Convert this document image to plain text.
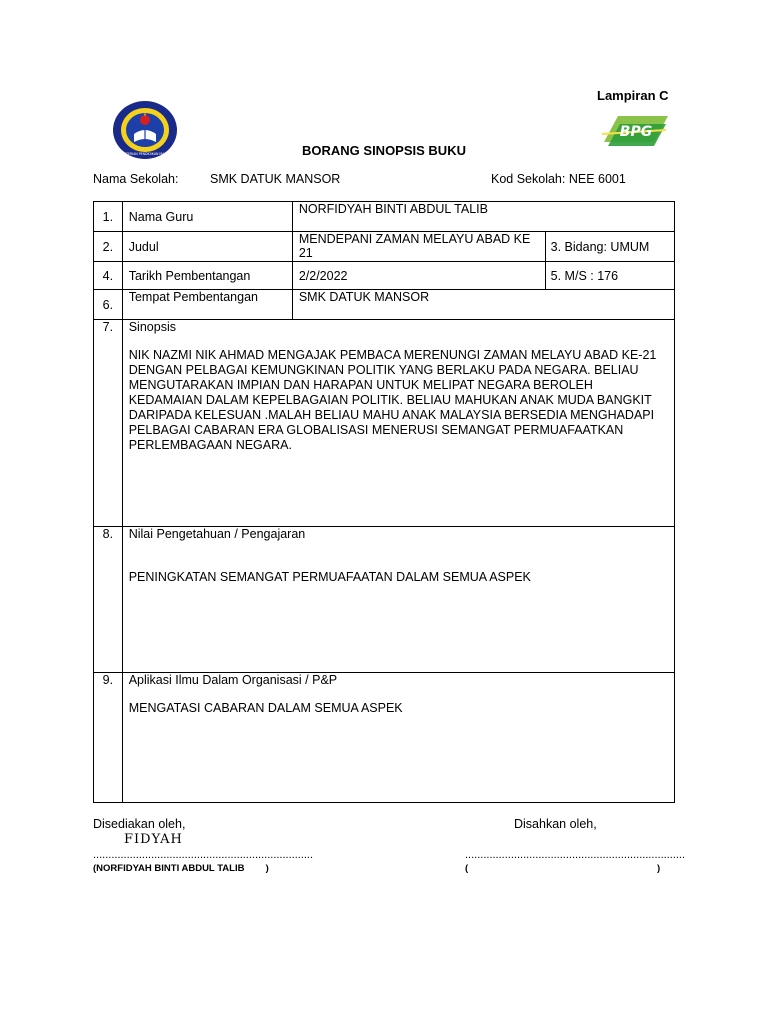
Lampiran C
KEMENTERIAN PENDIDIKAN MALAYSIA
BPG
BORANG SINOPSIS BUKU
Nama Sekolah:	SMK DATUK MANSOR	Kod Sekolah: NEE 6001
1.	Nama Guru	NORFIDYAH BINTI ABDUL TALIB	

2.	Judul	MENDEPANI ZAMAN MELAYU ABAD KE 21	3. Bidang: UMUM

4.	Tarikh Pembentangan	2/2/2022	5. M/S : 176

6.	Tempat Pembentangan	SMK DATUK MANSOR	

7.	Sinopsis
NIK NAZMI NIK AHMAD MENGAJAK PEMBACA MERENUNGI ZAMAN MELAYU ABAD KE-21 DENGAN PELBAGAI KEMUNGKINAN POLITIK YANG BERLAKU PADA NEGARA. BELIAU MENGUTARAKAN IMPIAN DAN HARAPAN UNTUK MELIPAT NEGARA BEROLEH KEDAMAIAN DALAM KEPELBAGAIAN POLITIK. BELIAU MAHUKAN ANAK MUDA BANGKIT DARIPADA KELESUAN .MALAH BELIAU MAHU ANAK MALAYSIA BERSEDIA MENGHADAPI PELBAGAI CABARAN ERA GLOBALISASI MENERUSI SEMANGAT PERMUAFAATKAN PERLEMBAGAAN NEGARA.		

8.	Nilai Pengetahuan / Pengajaran
PENINGKATAN SEMANGAT PERMUAFAATAN DALAM SEMUA ASPEK		

9.	Aplikasi Ilmu Dalam Organisasi / P&P
MENGATASI CABARAN DALAM SEMUA ASPEK		
Disediakan oleh,
FIDYAH
........................................................................
(NORFIDYAH BINTI ABDUL TALIB        )
Disahkan oleh,
........................................................................
(	)
